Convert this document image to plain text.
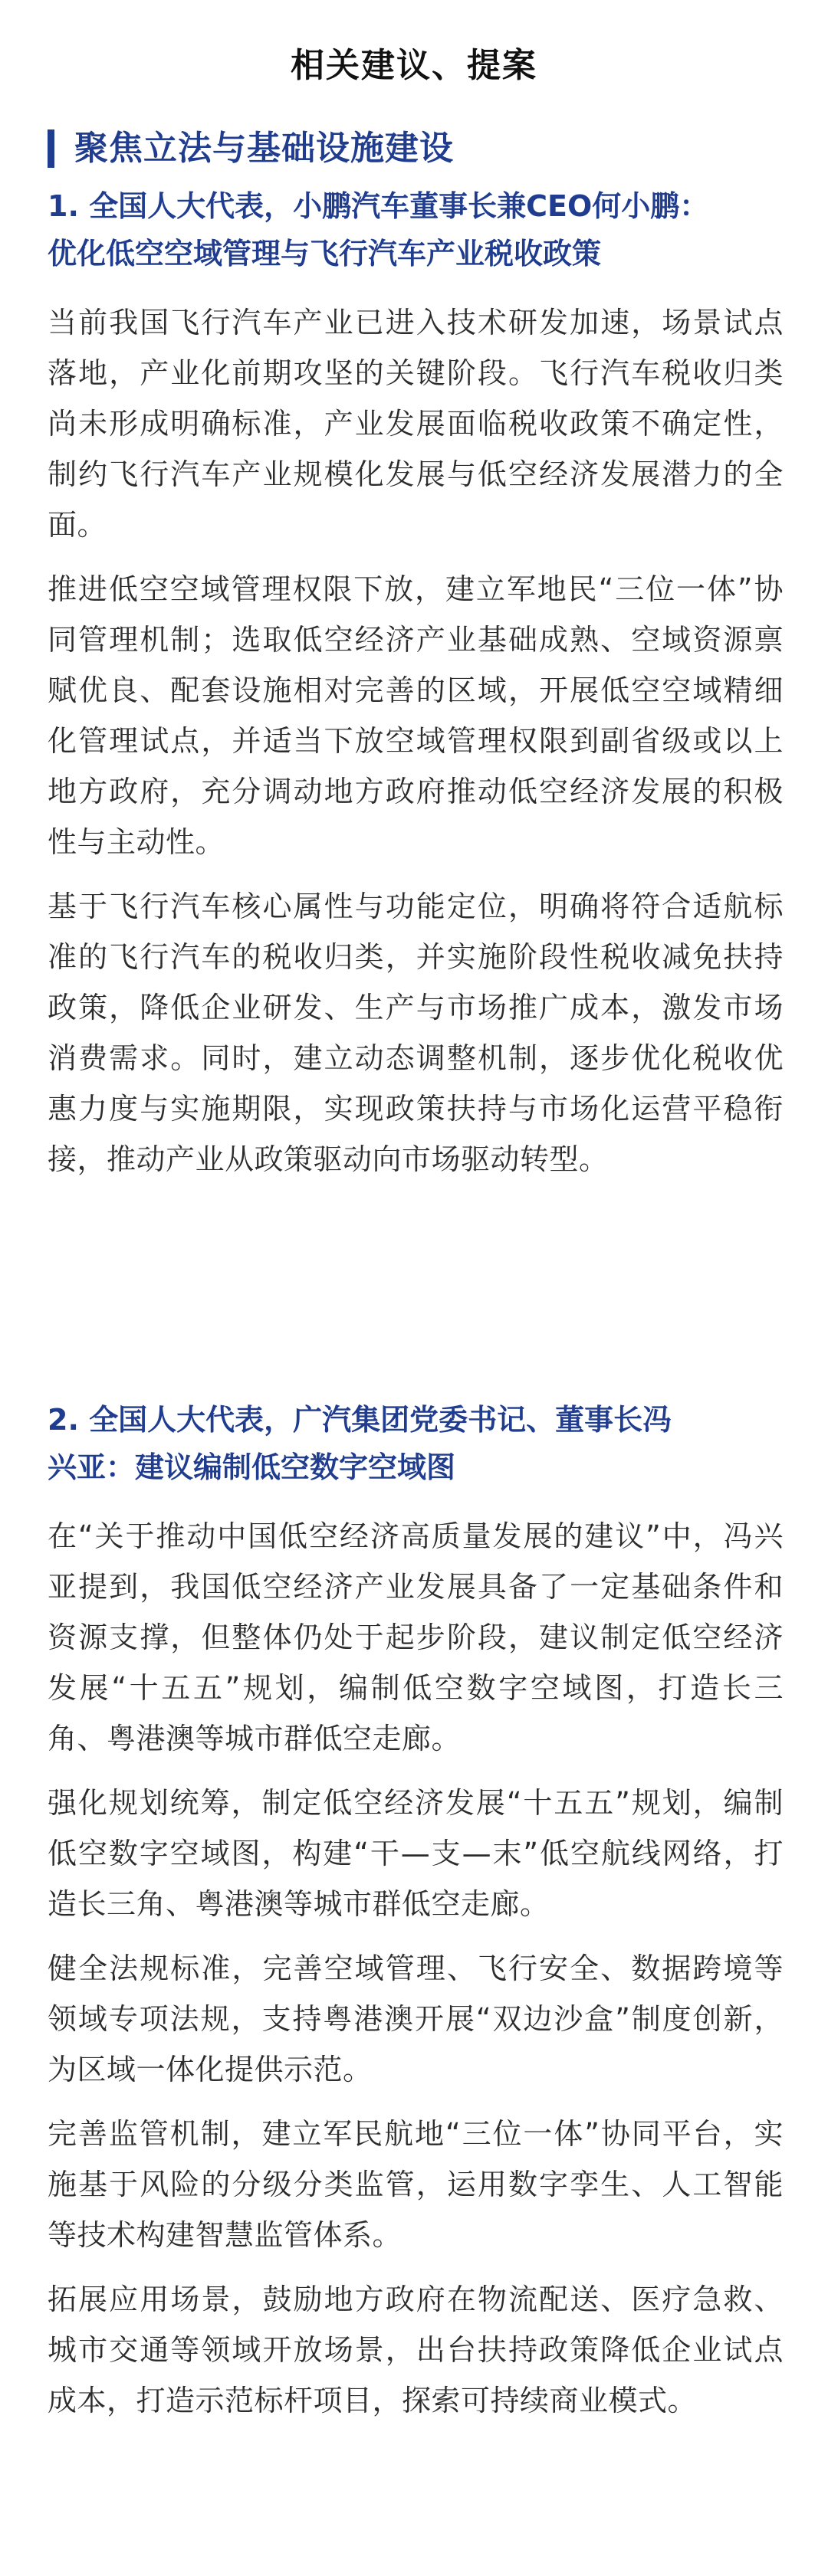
相关建议、提案
聚焦立法与基础设施建设
1. 全国人大代表，小鹏汽车董事长兼CEO何小鹏：
优化低空空域管理与飞行汽车产业税收政策

当前我国飞行汽车产业已进入技术研发加速，场景试点落地，产业化前期攻坚的关键阶段。飞行汽车税收归类尚未形成明确标准，产业发展面临税收政策不确定性，制约飞行汽车产业规模化发展与低空经济发展潜力的全面。

推进低空空域管理权限下放，建立军地民“三位一体”协同管理机制；选取低空经济产业基础成熟、空域资源禀赋优良、配套设施相对完善的区域，开展低空空域精细化管理试点，并适当下放空域管理权限到副省级或以上地方政府，充分调动地方政府推动低空经济发展的积极性与主动性。

基于飞行汽车核心属性与功能定位，明确将符合适航标准的飞行汽车的税收归类，并实施阶段性税收减免扶持政策，降低企业研发、生产与市场推广成本，激发市场消费需求。同时，建立动态调整机制，逐步优化税收优惠力度与实施期限，实现政策扶持与市场化运营平稳衔接，推动产业从政策驱动向市场驱动转型。

2. 全国人大代表，广汽集团党委书记、董事长冯
兴亚：建议编制低空数字空域图

在“关于推动中国低空经济高质量发展的建议”中，冯兴亚提到，我国低空经济产业发展具备了一定基础条件和资源支撑，但整体仍处于起步阶段，建议制定低空经济发展“十五五”规划，编制低空数字空域图，打造长三角、粤港澳等城市群低空走廊。

强化规划统筹，制定低空经济发展“十五五”规划，编制低空数字空域图，构建“干—支—末”低空航线网络，打造长三角、粤港澳等城市群低空走廊。

健全法规标准，完善空域管理、飞行安全、数据跨境等领域专项法规，支持粤港澳开展“双边沙盒”制度创新，为区域一体化提供示范。

完善监管机制，建立军民航地“三位一体”协同平台，实施基于风险的分级分类监管，运用数字孪生、人工智能等技术构建智慧监管体系。

拓展应用场景，鼓励地方政府在物流配送、医疗急救、城市交通等领域开放场景，出台扶持政策降低企业试点成本，打造示范标杆项目，探索可持续商业模式。
